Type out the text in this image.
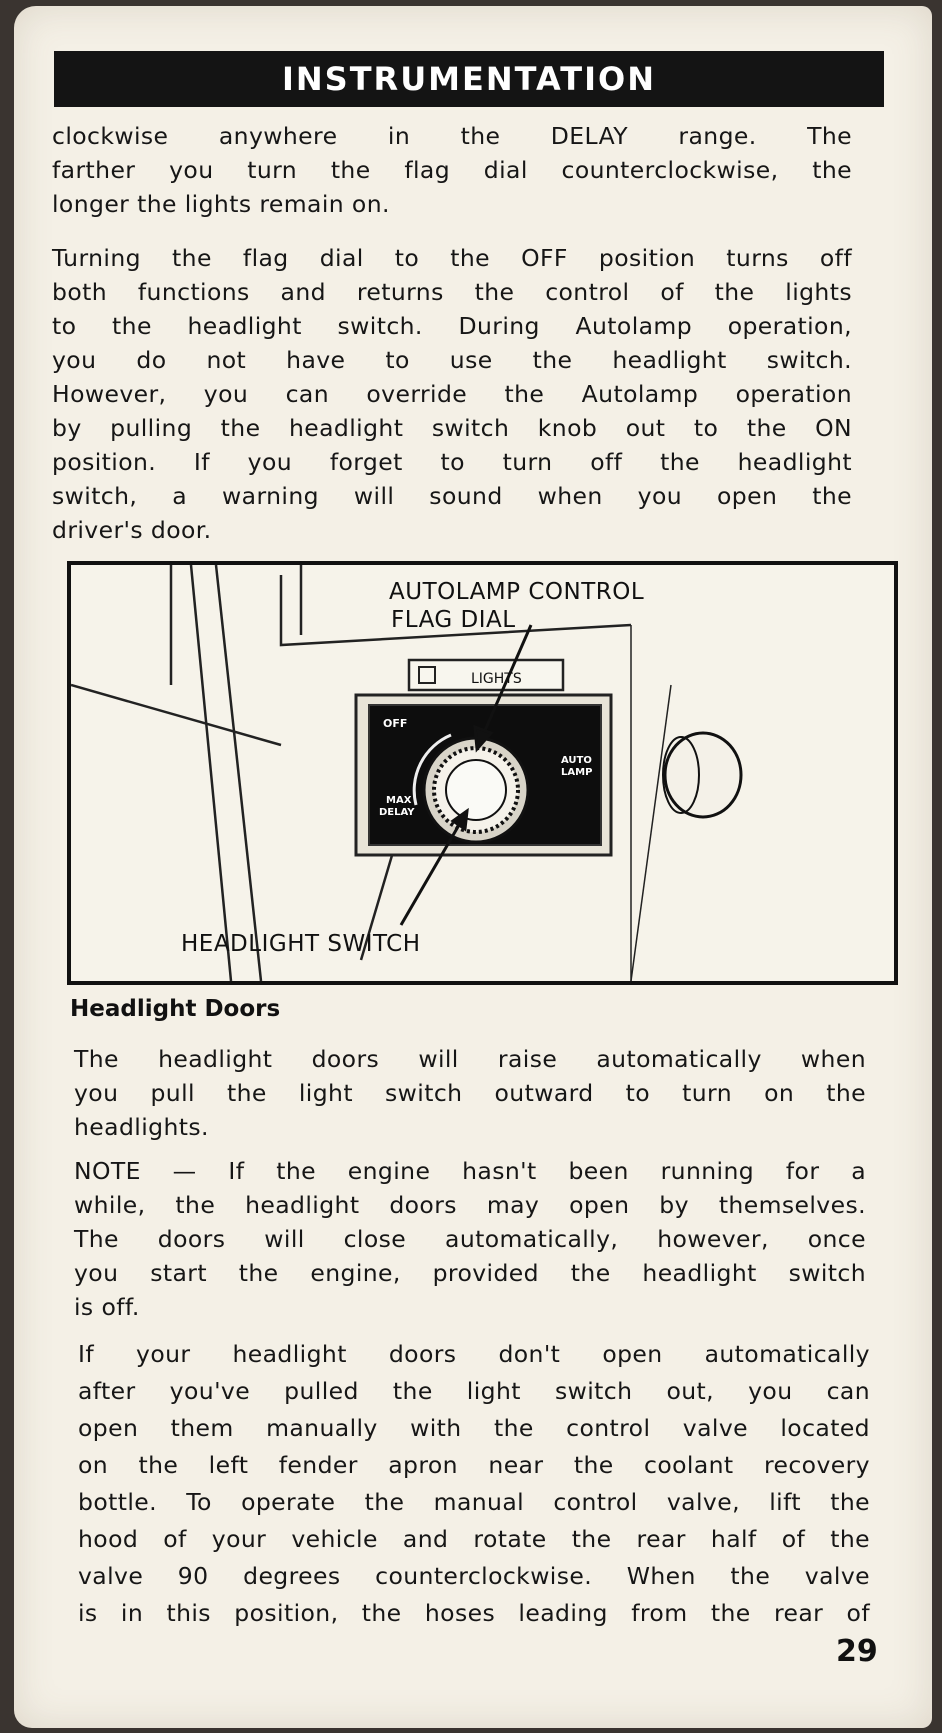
INSTRUMENTATION
clockwise anywhere in the DELAY range. The
farther you turn the flag dial counterclockwise, the
longer the lights remain on.
Turning the flag dial to the OFF position turns off
both functions and returns the control of the lights
to the headlight switch. During Autolamp operation,
you do not have to use the headlight switch.
However, you can override the Autolamp operation
by pulling the headlight switch knob out to the ON
position. If you forget to turn off the headlight
switch, a warning will sound when you open the
driver's door.
LIGHTS
OFF
MAX
DELAY
AUTO
LAMP
AUTOLAMP CONTROL
FLAG DIAL
HEADLIGHT SWITCH
Headlight Doors
The headlight doors will raise automatically when
you pull the light switch outward to turn on the
headlights.
NOTE — If the engine hasn't been running for a
while, the headlight doors may open by themselves.
The doors will close automatically, however, once
you start the engine, provided the headlight switch
is off.
If your headlight doors don't open automatically
after you've pulled the light switch out, you can
open them manually with the control valve located
on the left fender apron near the coolant recovery
bottle. To operate the manual control valve, lift the
hood of your vehicle and rotate the rear half of the
valve 90 degrees counterclockwise. When the valve
is in this position, the hoses leading from the rear of
29
